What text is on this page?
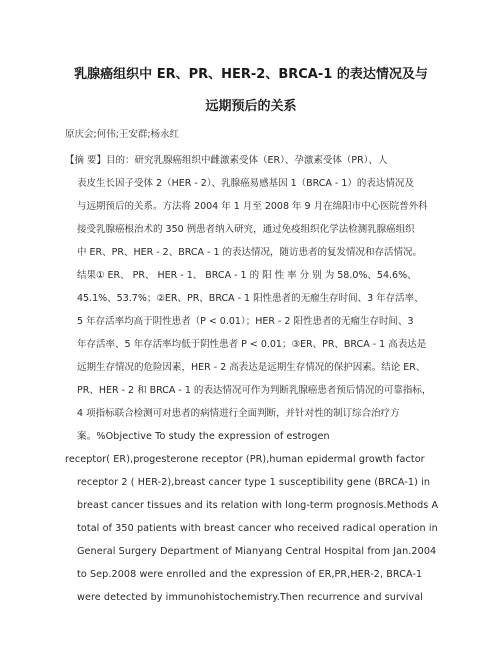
乳腺癌组织中 ER、PR、HER-2、BRCA-1 的表达情况及与
远期预后的关系
原庆会;何伟;王安群;杨永红
【摘 要】目的：研究乳腺癌组织中雌激素受体（ER）、孕激素受体（PR）、人
表皮生长因子受体 2（HER - 2）、乳腺癌易感基因 1（BRCA - 1）的表达情况及
与远期预后的关系。方法将 2004 年 1 月至 2008 年 9 月在绵阳市中心医院普外科
接受乳腺癌根治术的 350 例患者纳入研究，通过免疫组织化学法检测乳腺癌组织
中 ER、PR、HER - 2、BRCA - 1 的表达情况，随访患者的复发情况和存活情况。
结果① ER、 PR、 HER - 1、 BRCA - 1 的 阳 性 率 分 别 为 58.0%、54.6%、
45.1%、53.7%；②ER、PR、BRCA - 1 阳性患者的无瘤生存时间、3 年存活率、
5 年存活率均高于阴性患者（P < 0.01）；HER - 2 阳性患者的无瘤生存时间、3
年存活率、5 年存活率均低于阴性患者 P < 0.01；③ER、PR、BRCA - 1 高表达是
远期生存情况的危险因素，HER - 2 高表达是远期生存情况的保护因素。结论 ER、
PR、HER - 2 和 BRCA - 1 的表达情况可作为判断乳腺癌患者预后情况的可靠指标，
4 项指标联合检测可对患者的病情进行全面判断，并针对性的制订综合治疗方
案。%Objective To study the expression of estrogen
receptor( ER),progesterone receptor (PR),human epidermal growth factor
receptor 2 ( HER-2),breast cancer type 1 susceptibility gene (BRCA-1) in
breast cancer tissues and its relation with long-term prognosis.Methods A
total of 350 patients with breast cancer who received radical operation in
General Surgery Department of Mianyang Central Hospital from Jan.2004
to Sep.2008 were enrolled and the expression of ER,PR,HER-2, BRCA-1
were detected by immunohistochemistry.Then recurrence and survival
